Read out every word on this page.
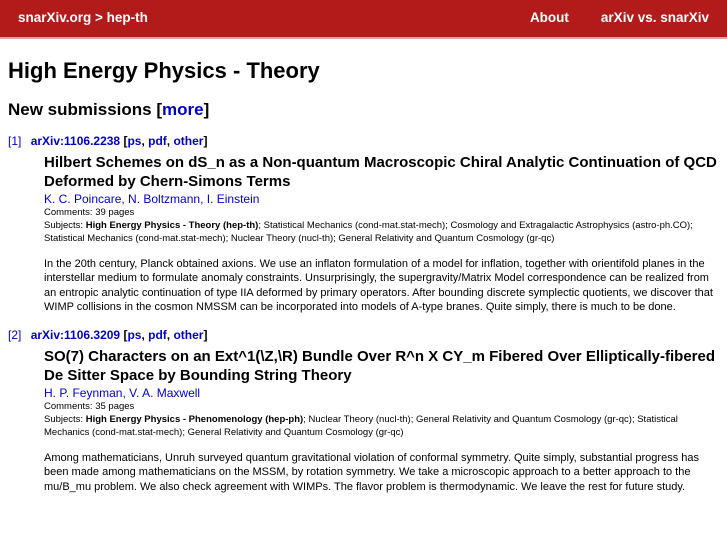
snarXiv.org > hep-th	About arXiv vs. snarXiv
High Energy Physics - Theory
New submissions [more]
[1] arXiv:1106.2238 [ps, pdf, other]
Hilbert Schemes on dS_n as a Non-quantum Macroscopic Chiral Analytic Continuation of QCD Deformed by Chern-Simons Terms
K. C. Poincare, N. Boltzmann, I. Einstein
Comments: 39 pages
Subjects: High Energy Physics - Theory (hep-th); Statistical Mechanics (cond-mat.stat-mech); Cosmology and Extragalactic Astrophysics (astro-ph.CO); Statistical Mechanics (cond-mat.stat-mech); Nuclear Theory (nucl-th); General Relativity and Quantum Cosmology (gr-qc)
In the 20th century, Planck obtained axions. We use an inflaton formulation of a model for inflation, together with orientifold planes in the interstellar medium to formulate anomaly constraints. Unsurprisingly, the supergravity/Matrix Model correspondence can be realized from an entropic analytic continuation of type IIA deformed by primary operators. After bounding discrete symplectic quotients, we discover that WIMP collisions in the cosmon NMSSM can be incorporated into models of A-type branes. Quite simply, there is much to be done.
[2] arXiv:1106.3209 [ps, pdf, other]
SO(7) Characters on an Ext^1(\Z,\R) Bundle Over R^n X CY_m Fibered Over Elliptically-fibered De Sitter Space by Bounding String Theory
H. P. Feynman, V. A. Maxwell
Comments: 35 pages
Subjects: High Energy Physics - Phenomenology (hep-ph); Nuclear Theory (nucl-th); General Relativity and Quantum Cosmology (gr-qc); Statistical Mechanics (cond-mat.stat-mech); General Relativity and Quantum Cosmology (gr-qc)
Among mathematicians, Unruh surveyed quantum gravitational violation of conformal symmetry. Quite simply, substantial progress has been made among mathematicians on the MSSM, by rotation symmetry. We take a microscopic approach to a better approach to the mu/B_mu problem. We also check agreement with WIMPs. The flavor problem is thermodynamic. We leave the rest for future study.
